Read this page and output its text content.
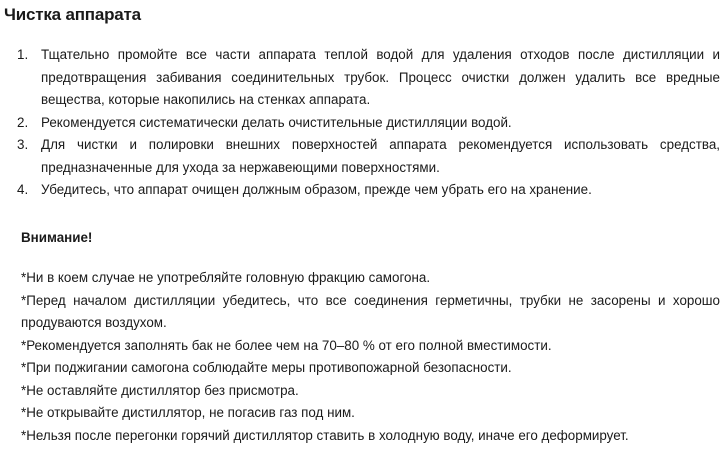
Чистка аппарата
1. Тщательно промойте все части аппарата теплой водой для удаления отходов после дистилляции и предотвращения забивания соединительных трубок. Процесс очистки должен удалить все вредные вещества, которые накопились на стенках аппарата.
2. Рекомендуется систематически делать очистительные дистилляции водой.
3. Для чистки и полировки внешних поверхностей аппарата рекомендуется использовать средства, предназначенные для ухода за нержавеющими поверхностями.
4. Убедитесь, что аппарат очищен должным образом, прежде чем убрать его на хранение.
Внимание!
*Ни в коем случае не употребляйте головную фракцию самогона.
*Перед началом дистилляции убедитесь, что все соединения герметичны, трубки не засорены и хорошо продуваются воздухом.
*Рекомендуется заполнять бак не более чем на 70–80 % от его полной вместимости.
*При поджигании самогона соблюдайте меры противопожарной безопасности.
*Не оставляйте дистиллятор без присмотра.
*Не открывайте дистиллятор, не погасив газ под ним.
*Нельзя после перегонки горячий дистиллятор ставить в холодную воду, иначе его деформирует.
